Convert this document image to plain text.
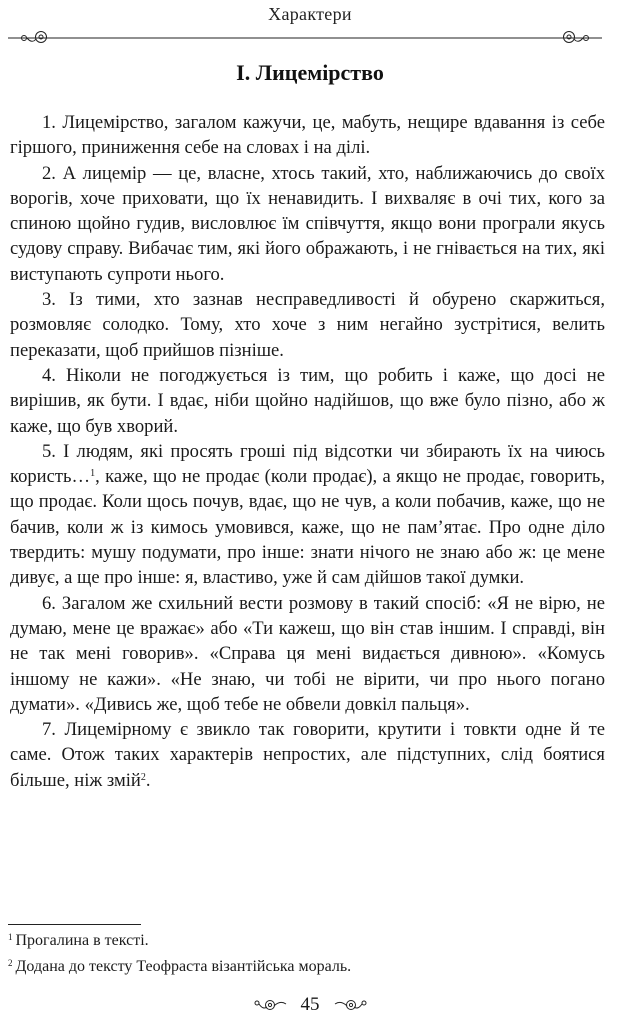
Характери
I. Лицемірство

1. Лицемірство, загалом кажучи, це, мабуть, нещире вдавання із себе гіршого, приниження себе на словах і на ділі.

2. А лицемір — це, власне, хтось такий, хто, наближаючись до своїх ворогів, хоче приховати, що їх ненавидить. І вихваляє в очі тих, кого за спиною щойно гудив, висловлює їм співчуття, якщо вони програли якусь судову справу. Вибачає тим, які його ображають, і не гнівається на тих, які виступають супроти нього.

3. Із тими, хто зазнав несправедливості й обурено скаржиться, розмовляє солодко. Тому, хто хоче з ним негайно зустрітися, велить переказати, щоб прийшов пізніше.

4. Ніколи не погоджується із тим, що робить і каже, що досі не вирішив, як бути. І вдає, ніби щойно надійшов, що вже було пізно, або ж каже, що був хворий.

5. І людям, які просять гроші під відсотки чи збирають їх на чиюсь користь…$^1$, каже, що не продає (коли продає), а якщо не продає, говорить, що продає. Коли щось почув, вдає, що не чув, а коли побачив, каже, що не бачив, коли ж із кимось умовився, каже, що не пам’ятає. Про одне діло твердить: мушу подумати, про інше: знати нічого не знаю або ж: це мене дивує, а ще про інше: я, властиво, уже й сам дійшов такої думки.

6. Загалом же схильний вести розмову в такий спосіб: «Я не вірю, не думаю, мене це вражає» або «Ти кажеш, що він став іншим. І справді, він не так мені говорив». «Справа ця мені видається дивною». «Комусь іншому не кажи». «Не знаю, чи тобі не вірити, чи про нього погано думати». «Дивись же, щоб тебе не обвели довкіл пальця».

7. Лицемірному є звикло так говорити, крутити і товкти одне й те саме. Отож таких характерів непростих, але підступних, слід боятися більше, ніж змій$^2$.

$^1$ Прогалина в тексті.

$^2$ Додана до тексту Теофраста візантійська мораль.

45
